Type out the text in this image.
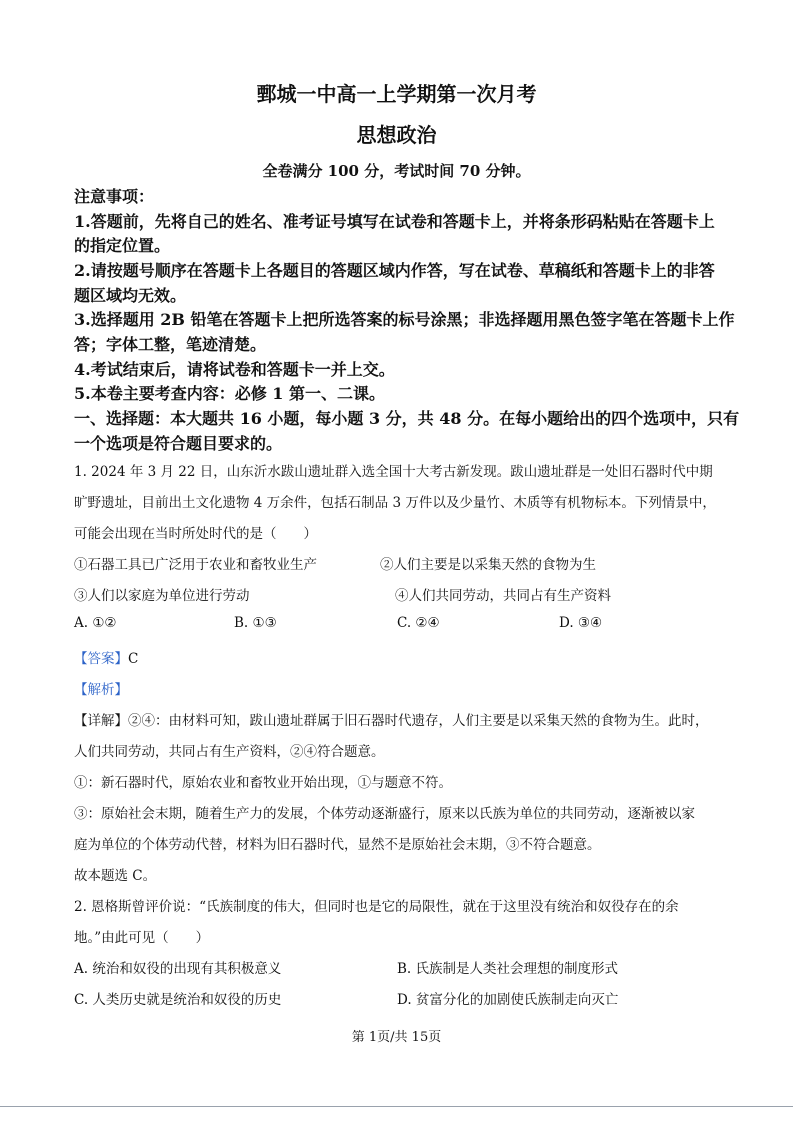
鄄城一中高一上学期第一次月考
思想政治
全卷满分 100 分，考试时间 70 分钟。
注意事项：
1.答题前，先将自己的姓名、准考证号填写在试卷和答题卡上，并将条形码粘贴在答题卡上
的指定位置。
2.请按题号顺序在答题卡上各题目的答题区域内作答，写在试卷、草稿纸和答题卡上的非答
题区域均无效。
3.选择题用 2B 铅笔在答题卡上把所选答案的标号涂黑；非选择题用黑色签字笔在答题卡上作
答；字体工整，笔迹清楚。
4.考试结束后，请将试卷和答题卡一并上交。
5.本卷主要考查内容：必修 1 第一、二课。
一、选择题：本大题共 16 小题，每小题 3 分，共 48 分。在每小题给出的四个选项中，只有
一个选项是符合题目要求的。
1. 2024 年 3 月 22 日，山东沂水跋山遗址群入选全国十大考古新发现。跋山遗址群是一处旧石器时代中期
旷野遗址，目前出土文化遗物 4 万余件，包括石制品 3 万件以及少量竹、木质等有机物标本。下列情景中，
可能会出现在当时所处时代的是（　　）
①石器工具已广泛用于农业和畜牧业生产	②人们主要是以采集天然的食物为生
③人们以家庭为单位进行劳动	④人们共同劳动，共同占有生产资料
A. ①②	B. ①③	C. ②④	D. ③④
【答案】C
【解析】
【详解】②④：由材料可知，跋山遗址群属于旧石器时代遗存，人们主要是以采集天然的食物为生。此时，
人们共同劳动，共同占有生产资料，②④符合题意。
①：新石器时代，原始农业和畜牧业开始出现，①与题意不符。
③：原始社会末期，随着生产力的发展，个体劳动逐渐盛行，原来以氏族为单位的共同劳动，逐渐被以家
庭为单位的个体劳动代替，材料为旧石器时代，显然不是原始社会末期，③不符合题意。
故本题选 C。
2. 恩格斯曾评价说：“氏族制度的伟大，但同时也是它的局限性，就在于这里没有统治和奴役存在的余
地。”由此可见（　　）
A. 统治和奴役的出现有其积极意义	B. 氏族制是人类社会理想的制度形式
C. 人类历史就是统治和奴役的历史	D. 贫富分化的加剧使氏族制走向灭亡
第 1页/共 15页
